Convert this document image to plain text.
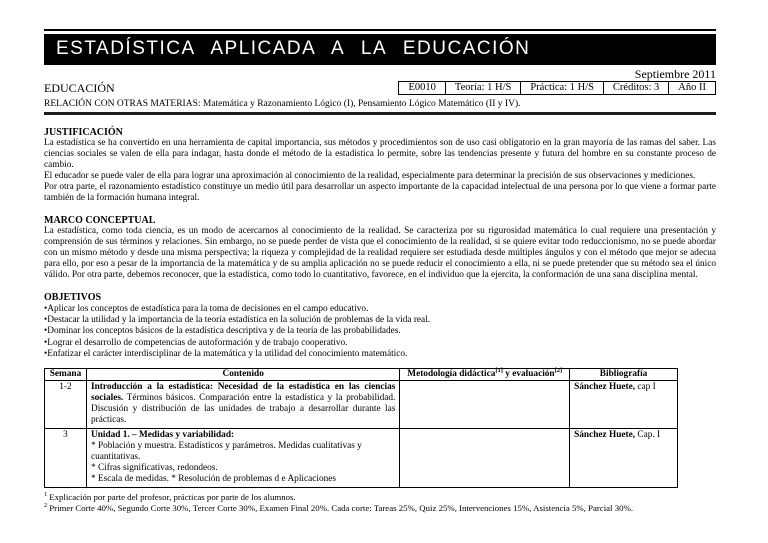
ESTADÍSTICA APLICADA A LA EDUCACIÓN
Septiembre 2011
EDUCACIÓN	E0010	Teoría: 1 H/S	Práctica: 1 H/S	Créditos: 3	Año II
RELACIÓN CON OTRAS MATERIAS: Matemática y Razonamiento Lógico (I), Pensamiento Lógico Matemático (II y IV).
JUSTIFICACIÓN

La estadística se ha convertido en una herramienta de capital importancia, sus métodos y procedimientos son de uso casi obligatorio en la gran mayoría de las ramas del saber. Las ciencias sociales se valen de ella para indagar, hasta donde el método de la estadística lo permite, sobre las tendencias presente y futura del hombre en su constante proceso de cambio.

El educador se puede valer de ella para lograr una aproximación al conocimiento de la realidad, especialmente para determinar la precisión de sus observaciones y mediciones.

Por otra parte, el razonamiento estadístico constituye un medio útil para desarrollar un aspecto importante de la capacidad intelectual de una persona por lo que viene a formar parte también de la formación humana integral.

MARCO CONCEPTUAL

La estadística, como toda ciencia, es un modo de acercarnos al conocimiento de la realidad. Se caracteriza por su rigurosidad matemática lo cual requiere una presentación y comprensión de sus términos y relaciones. Sin embargo, no se puede perder de vista que el conocimiento de la realidad, si se quiere evitar todo reduccionismo, no se puede abordar con un mismo método y desde una misma perspectiva; la riqueza y complejidad de la realidad requiere ser estudiada desde múltiples ángulos y con el método que mejor se adecua para ello, por eso a pesar de la importancia de la matemática y de su amplia aplicación no se puede reducir el conocimiento a ella, ni se puede pretender que su método sea el único válido. Por otra parte, debemos reconocer, que la estadística, como todo lo cuantitativo, favorece, en el individuo que la ejercita, la conformación de una sana disciplina mental.

OBJETIVOS
• Aplicar los conceptos de estadística para la toma de decisiones en el campo educativo.
• Destacar la utilidad y la importancia de la teoría estadística en la solución de problemas de la vida real.
• Dominar los conceptos básicos de la estadística descriptiva y de la teoría de las probabilidades.
• Lograr el desarrollo de competencias de autoformación y de trabajo cooperativo.
• Enfatizar el carácter interdisciplinar de la matemática y la utilidad del conocimiento matemático.
Semana	Contenido	Metodología didáctica[1] y evaluación[2]	Bibliografía
1-2	Introducción a la estadística: Necesidad de la estadística en las ciencias sociales. Términos básicos. Comparación entre la estadística y la probabilidad. Discusión y distribución de las unidades de trabajo a desarrollar durante las prácticas.		Sánchez Huete, cap I
3	Unidad 1. – Medidas y variabilidad:
* Población y muestra. Estadísticos y parámetros. Medidas cualitativas y cuantitativas.
* Cifras significativas, redondeos.
* Escala de medidas. * Resolución de problemas d e Aplicaciones		Sánchez Huete, Cap. I
$^1$ Explicación por parte del profesor, prácticas por parte de los alumnos.
$^2$ Primer Corte 40%, Segundo Corte 30%, Tercer Corte 30%, Examen Final 20%. Cada corte: Tareas 25%, Quiz 25%, Intervenciones 15%, Asistencia 5%, Parcial 30%.
